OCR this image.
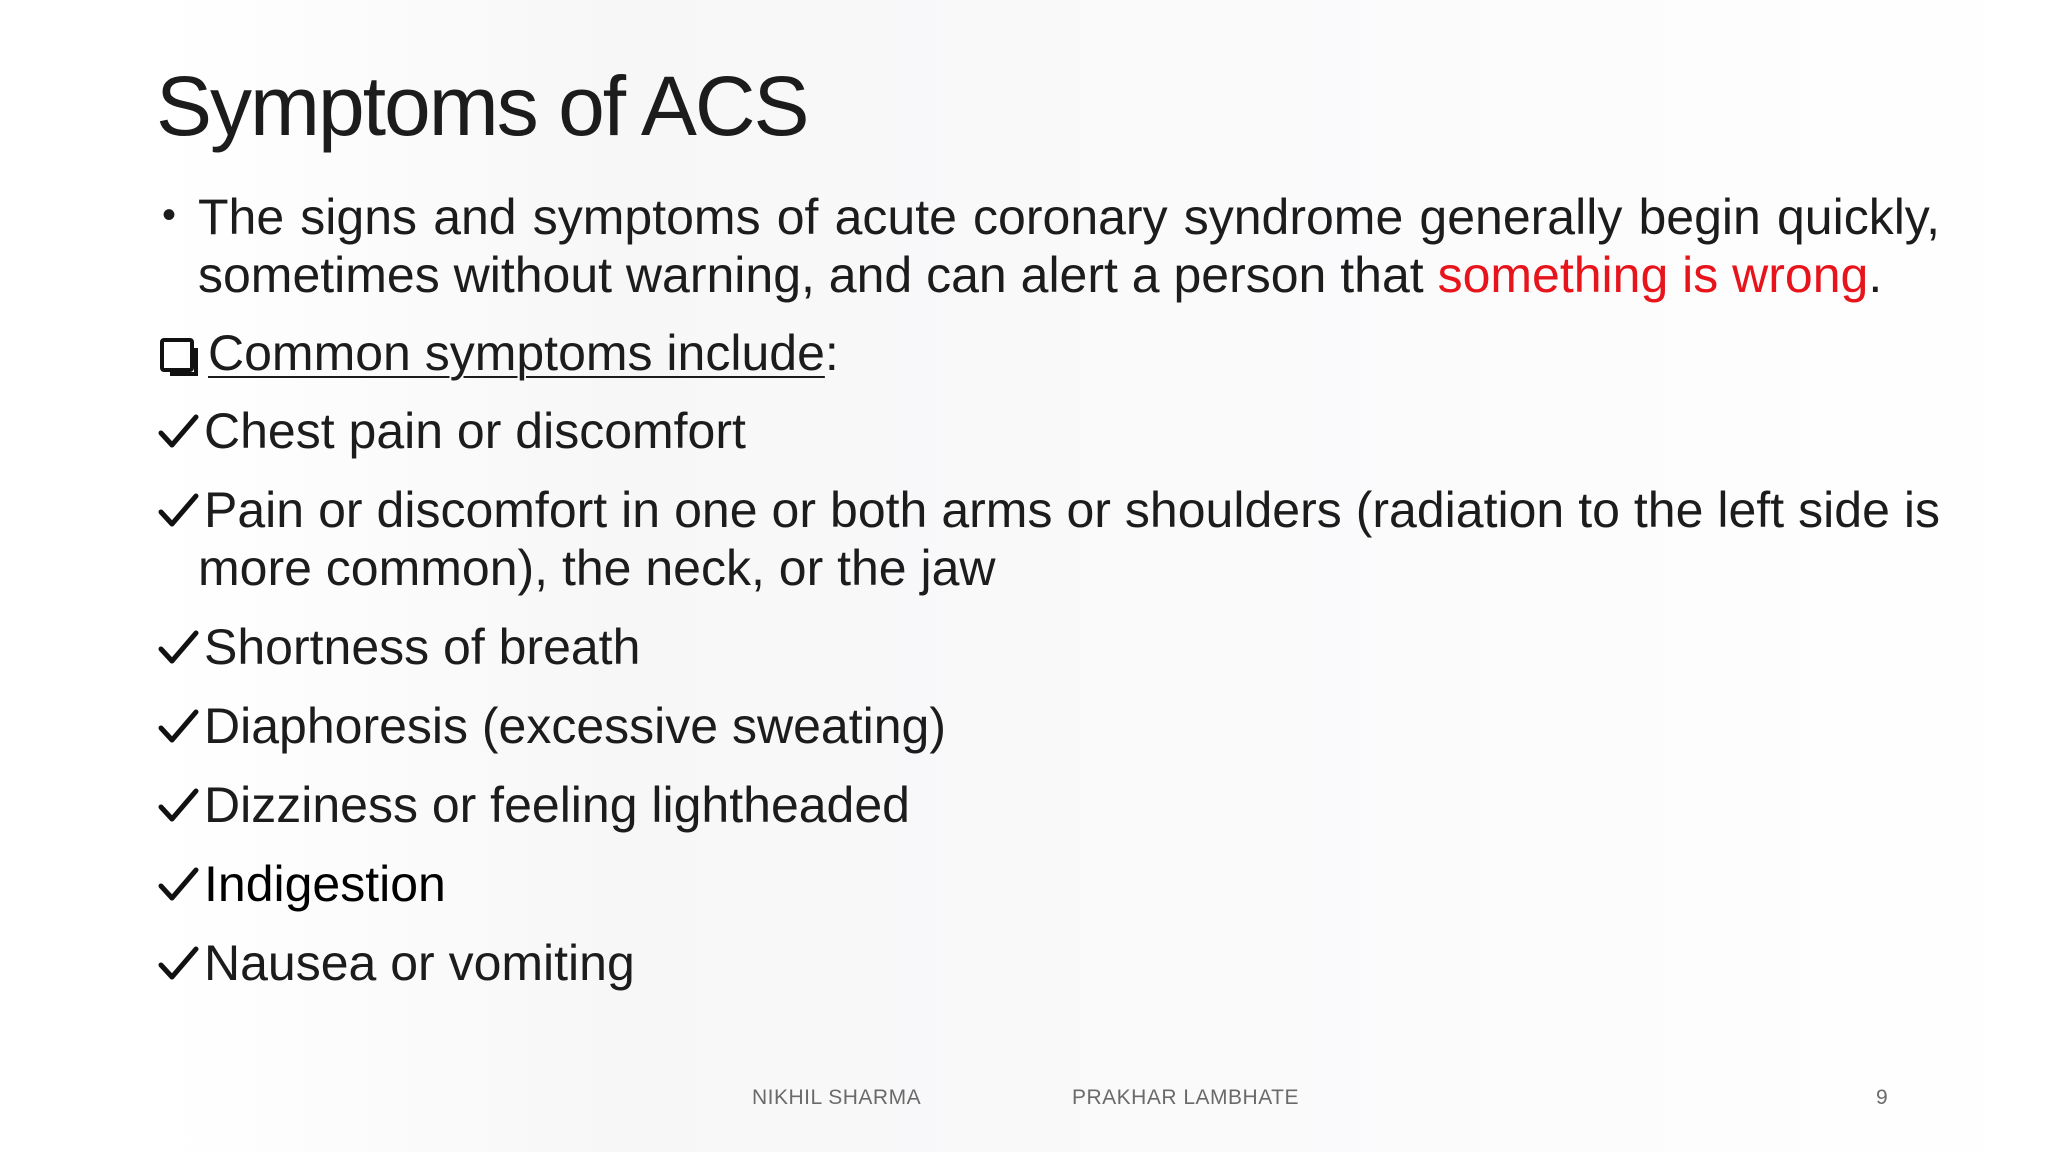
Symptoms of ACS
• The signs and symptoms of acute coronary syndrome generally begin quickly, sometimes without warning, and can alert a person that something is wrong.
Common symptoms include:
Chest pain or discomfort
Pain or discomfort in one or both arms or shoulders (radiation to the left side is more common), the neck, or the jaw
Shortness of breath
Diaphoresis (excessive sweating)
Dizziness or feeling lightheaded
Indigestion
Nausea or vomiting
NIKHIL SHARMA	PRAKHAR LAMBHATE	9
